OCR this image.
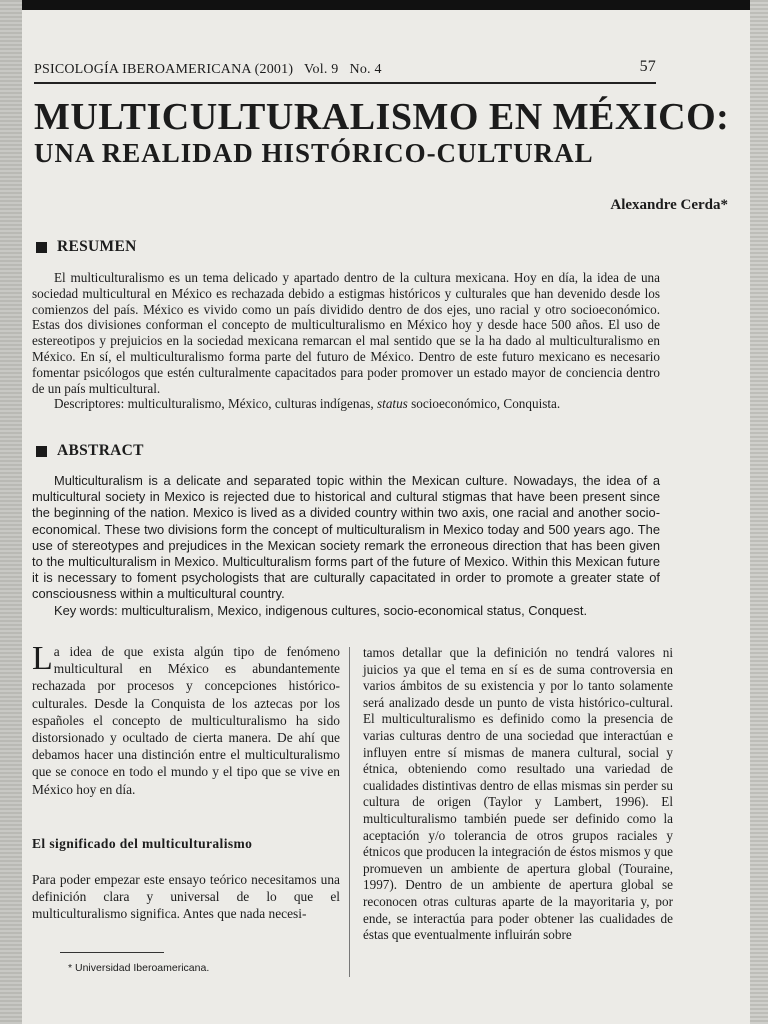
PSICOLOGÍA IBEROAMERICANA (2001)   Vol. 9   No. 4	57
MULTICULTURALISMO EN MÉXICO:
UNA REALIDAD HISTÓRICO-CULTURAL
Alexandre Cerda*
RESUMEN

El multiculturalismo es un tema delicado y apartado dentro de la cultura mexicana. Hoy en día, la idea de una sociedad multicultural en México es rechazada debido a estigmas históricos y culturales que han devenido desde los comienzos del país. México es vivido como un país dividido dentro de dos ejes, uno racial y otro socioeconómico. Estas dos divisiones conforman el concepto de multiculturalismo en México hoy y desde hace 500 años. El uso de estereotipos y prejuicios en la sociedad mexicana remarcan el mal sentido que se la ha dado al multiculturalismo en México. En sí, el multiculturalismo forma parte del futuro de México. Dentro de este futuro mexicano es necesario fomentar psicólogos que estén culturalmente capacitados para poder promover un estado mayor de conciencia dentro de un país multicultural.

Descriptores: multiculturalismo, México, culturas indígenas, status socioeconómico, Conquista.

ABSTRACT

Multiculturalism is a delicate and separated topic within the Mexican culture. Nowadays, the idea of a multicultural society in Mexico is rejected due to historical and cultural stigmas that have been present since the beginning of the nation. Mexico is lived as a divided country within two axis, one racial and another socio-economical. These two divisions form the concept of multiculturalism in Mexico today and 500 years ago. The use of stereotypes and prejudices in the Mexican society remark the erroneous direction that has been given to the multiculturalism in Mexico. Multiculturalism forms part of the future of Mexico. Within this Mexican future it is necessary to foment psychologists that are culturally capacitated in order to promote a greater state of consciousness within a multicultural country.

Key words: multiculturalism, Mexico, indigenous cultures, socio-economical status, Conquest.

La idea de que exista algún tipo de fenómeno multicultural en México es abundantemente rechazada por procesos y concepciones histórico-culturales. Desde la Conquista de los aztecas por los españoles el concepto de multiculturalismo ha sido distorsionado y ocultado de cierta manera. De ahí que debamos hacer una distinción entre el multiculturalismo que se conoce en todo el mundo y el tipo que se vive en México hoy en día.
El significado del multiculturalismo
Para poder empezar este ensayo teórico necesitamos una definición clara y universal de lo que el multiculturalismo significa. Antes que nada necesi-
tamos detallar que la definición no tendrá valores ni juicios ya que el tema en sí es de suma controversia en varios ámbitos de su existencia y por lo tanto solamente será analizado desde un punto de vista histórico-cultural. El multiculturalismo es definido como la presencia de varias culturas dentro de una sociedad que interactúan e influyen entre sí mismas de manera cultural, social y étnica, obteniendo como resultado una variedad de cualidades distintivas dentro de ellas mismas sin perder su cultura de origen (Taylor y Lambert, 1996). El multiculturalismo también puede ser definido como la aceptación y/o tolerancia de otros grupos raciales y étnicos que producen la integración de éstos mismos y que promueven un ambiente de apertura global (Touraine, 1997). Dentro de un ambiente de apertura global se reconocen otras culturas aparte de la mayoritaria y, por ende, se interactúa para poder obtener las cualidades de éstas que eventualmente influirán sobre
* Universidad Iberoamericana.
